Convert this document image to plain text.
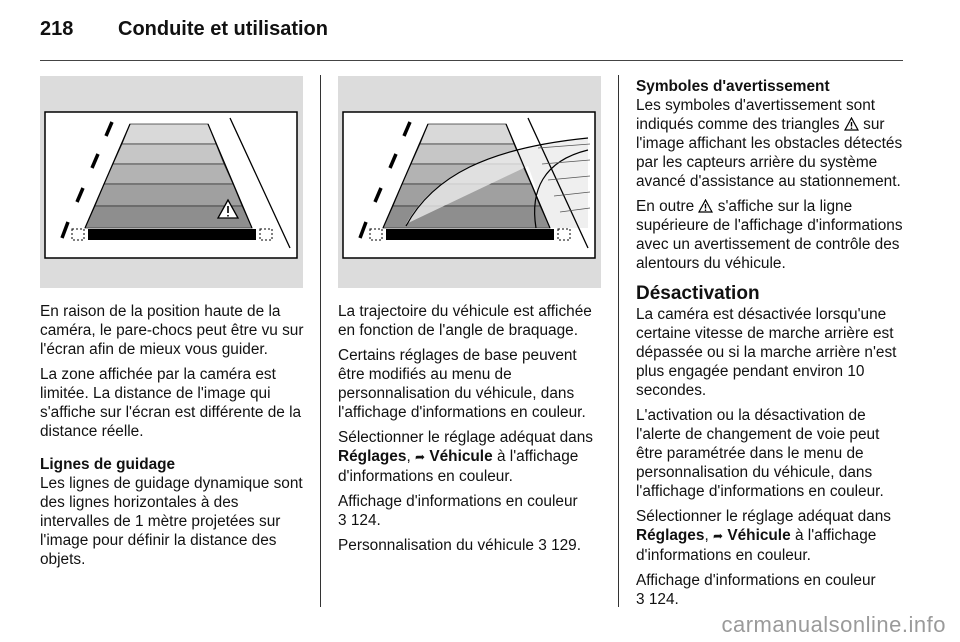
218	Conduite et utilisation

En raison de la position haute de la caméra, le pare-chocs peut être vu sur l'écran afin de mieux vous guider.

La zone affichée par la caméra est limitée. La distance de l'image qui s'affiche sur l'écran est différente de la distance réelle.

Lignes de guidage

Les lignes de guidage dynamique sont des lignes horizontales à des intervalles de 1 mètre projetées sur l'image pour définir la distance des objets.

La trajectoire du véhicule est affichée en fonction de l'angle de braquage.

Certains réglages de base peuvent être modifiés au menu de personnalisation du véhicule, dans l'affichage d'informations en couleur.

Sélectionner le réglage adéquat dans Réglages, ➦ Véhicule à l'affichage d'informations en couleur.

Affichage d'informations en couleur
3 124.

Personnalisation du véhicule 3 129.

Symboles d'avertissement

Les symboles d'avertissement sont indiqués comme des triangles sur l'image affichant les obstacles détectés par les capteurs arrière du système avancé d'assistance au stationnement.

En outre s'affiche sur la ligne supérieure de l'affichage d'informations avec un avertissement de contrôle des alentours du véhicule.

Désactivation

La caméra est désactivée lorsqu'une certaine vitesse de marche arrière est dépassée ou si la marche arrière n'est plus engagée pendant environ 10 secondes.

L'activation ou la désactivation de l'alerte de changement de voie peut être paramétrée dans le menu de personnalisation du véhicule, dans l'affichage d'informations en couleur.

Sélectionner le réglage adéquat dans Réglages, ➦ Véhicule à l'affichage d'informations en couleur.

Affichage d'informations en couleur
3 124.

carmanualsonline.info
